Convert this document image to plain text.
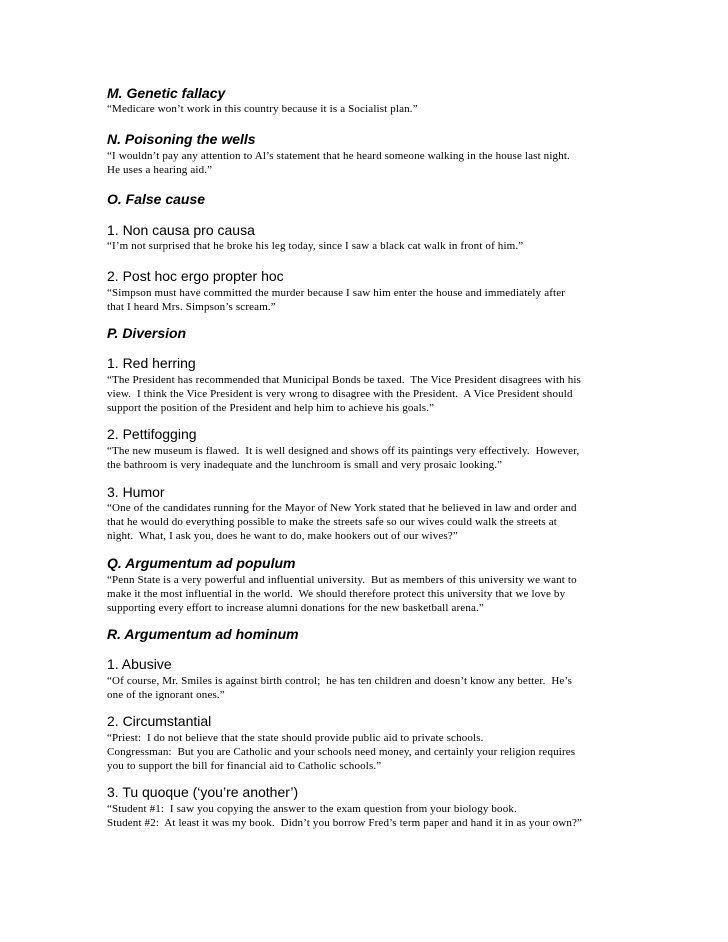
M. Genetic fallacy
“Medicare won’t work in this country because it is a Socialist plan.”
N. Poisoning the wells
“I wouldn’t pay any attention to Al’s statement that he heard someone walking in the house last night.
He uses a hearing aid.”
O. False cause
1. Non causa pro causa
“I’m not surprised that he broke his leg today, since I saw a black cat walk in front of him.”
2. Post hoc ergo propter hoc
“Simpson must have committed the murder because I saw him enter the house and immediately after
that I heard Mrs. Simpson’s scream.”
P. Diversion
1. Red herring
“The President has recommended that Municipal Bonds be taxed.  The Vice President disagrees with his
view.  I think the Vice President is very wrong to disagree with the President.  A Vice President should
support the position of the President and help him to achieve his goals.”
2. Pettifogging
“The new museum is flawed.  It is well designed and shows off its paintings very effectively.  However,
the bathroom is very inadequate and the lunchroom is small and very prosaic looking.”
3. Humor
“One of the candidates running for the Mayor of New York stated that he believed in law and order and
that he would do everything possible to make the streets safe so our wives could walk the streets at
night.  What, I ask you, does he want to do, make hookers out of our wives?”
Q. Argumentum ad populum
“Penn State is a very powerful and influential university.  But as members of this university we want to
make it the most influential in the world.  We should therefore protect this university that we love by
supporting every effort to increase alumni donations for the new basketball arena.”
R. Argumentum ad hominum
1. Abusive
“Of course, Mr. Smiles is against birth control;  he has ten children and doesn’t know any better.  He’s
one of the ignorant ones.”
2. Circumstantial
“Priest:  I do not believe that the state should provide public aid to private schools.
Congressman:  But you are Catholic and your schools need money, and certainly your religion requires
you to support the bill for financial aid to Catholic schools.”
3. Tu quoque (‘you’re another’)
“Student #1:  I saw you copying the answer to the exam question from your biology book.
Student #2:  At least it was my book.  Didn’t you borrow Fred’s term paper and hand it in as your own?”
